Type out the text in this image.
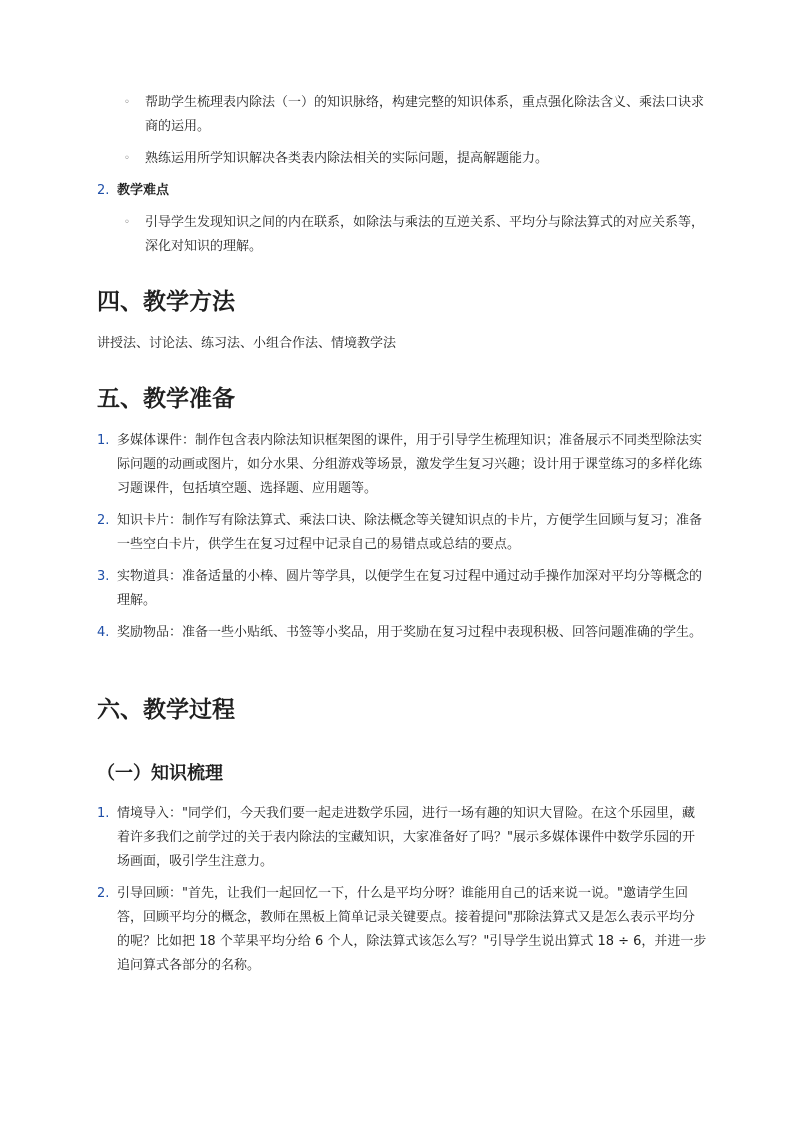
◦ 帮助学生梳理表内除法（一）的知识脉络，构建完整的知识体系，重点强化除法含义、乘法口诀求商的运用。

◦ 熟练运用所学知识解决各类表内除法相关的实际问题，提高解题能力。

2. 教学难点

◦ 引导学生发现知识之间的内在联系，如除法与乘法的互逆关系、平均分与除法算式的对应关系等，深化对知识的理解。

四、教学方法

讲授法、讨论法、练习法、小组合作法、情境教学法

五、教学准备
1. 多媒体课件：制作包含表内除法知识框架图的课件，用于引导学生梳理知识；准备展示不同类型除法实际问题的动画或图片，如分水果、分组游戏等场景，激发学生复习兴趣；设计用于课堂练习的多样化练习题课件，包括填空题、选择题、应用题等。

2. 知识卡片：制作写有除法算式、乘法口诀、除法概念等关键知识点的卡片，方便学生回顾与复习；准备一些空白卡片，供学生在复习过程中记录自己的易错点或总结的要点。

3. 实物道具：准备适量的小棒、圆片等学具，以便学生在复习过程中通过动手操作加深对平均分等概念的理解。

4. 奖励物品：准备一些小贴纸、书签等小奖品，用于奖励在复习过程中表现积极、回答问题准确的学生。

六、教学过程
（一）知识梳理
1. 情境导入："同学们，今天我们要一起走进数学乐园，进行一场有趣的知识大冒险。在这个乐园里，藏着许多我们之前学过的关于表内除法的宝藏知识，大家准备好了吗？"展示多媒体课件中数学乐园的开场画面，吸引学生注意力。

2. 引导回顾："首先，让我们一起回忆一下，什么是平均分呀？谁能用自己的话来说一说。"邀请学生回答，回顾平均分的概念，教师在黑板上简单记录关键要点。接着提问"那除法算式又是怎么表示平均分的呢？比如把 18 个苹果平均分给 6 个人，除法算式该怎么写？"引导学生说出算式 18 ÷ 6，并进一步追问算式各部分的名称。
